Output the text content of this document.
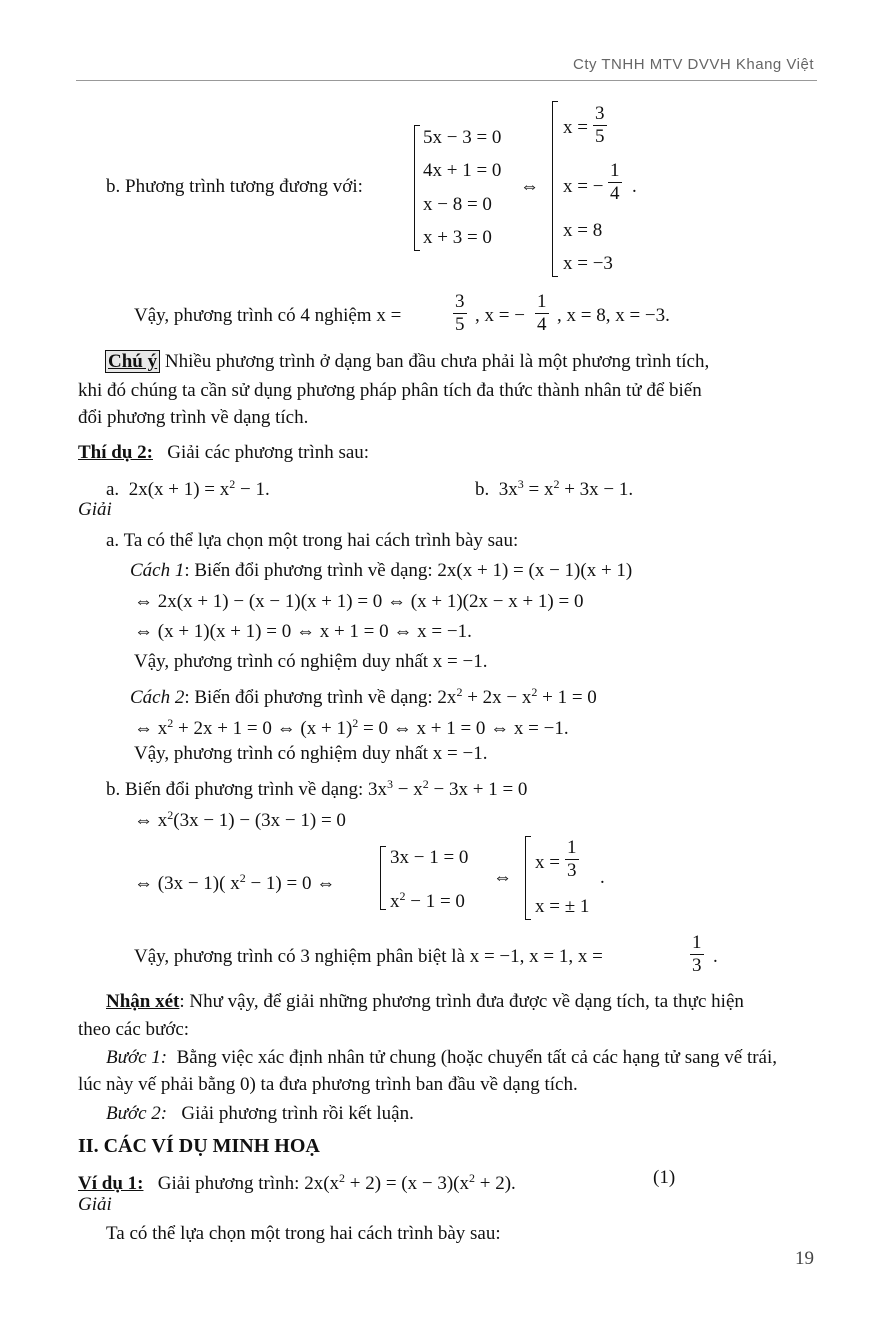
Cty TNHH MTV DVVH Khang Việt
b. Phương trình tương đương với:
5x − 3 = 0
4x + 1 = 0
x − 8 = 0
x + 3 = 0
⇔
$x = \frac{3}{5}$
x = − $\frac{1}{4}$ .
x = 8
x = −3
Vậy, phương trình có 4 nghiệm x =	$\frac{3}{5}$ , x = − $\frac{1}{4}$ , x = 8, x = −3.
Chú ý Nhiều phương trình ở dạng ban đầu chưa phải là một phương trình tích,
khi đó chúng ta cần sử dụng phương pháp phân tích đa thức thành nhân tử để biến
đổi phương trình về dạng tích.
Thí dụ 2: Giải các phương trình sau:
a. $2x(x + 1) = x^2 - 1$.	b. $3x^3 = x^2 + 3x - 1$.
Giải
a. Ta có thể lựa chọn một trong hai cách trình bày sau:
Cách 1: Biến đổi phương trình về dạng: 2x(x + 1) = (x − 1)(x + 1)
⇔ 2x(x + 1) − (x − 1)(x + 1) = 0 ⇔ (x + 1)(2x − x + 1) = 0
⇔ (x + 1)(x + 1) = 0 ⇔ x + 1 = 0 ⇔ x = −1.
Vậy, phương trình có nghiệm duy nhất x = −1.
Cách 2: Biến đổi phương trình về dạng: $2x^2 + 2x - x^2 + 1 = 0$
⇔ $x^2 + 2x + 1 = 0$ ⇔ $(x + 1)^2 = 0$ ⇔ x + 1 = 0 ⇔ x = −1.
Vậy, phương trình có nghiệm duy nhất x = −1.
b. Biến đổi phương trình về dạng: $3x^3 - x^2 - 3x + 1 = 0$
⇔ $x^2(3x - 1) - (3x - 1) = 0$
⇔ (3x − 1)( $x^2 - 1) = 0$ ⇔
3x − 1 = 0
$x^2 - 1 = 0$
⇔
$x = \frac{1}{3}$ .
x = ± 1
Vậy, phương trình có 3 nghiệm phân biệt là x = −1, x = 1, x =	$\frac{1}{3}$ .
Nhận xét: Như vậy, để giải những phương trình đưa được về dạng tích, ta thực hiện
theo các bước:
Bước 1: Bằng việc xác định nhân tử chung (hoặc chuyển tất cả các hạng tử sang vế trái,
lúc này vế phải bằng 0) ta đưa phương trình ban đầu về dạng tích.
Bước 2: Giải phương trình rồi kết luận.
II. CÁC VÍ DỤ MINH HOẠ
Ví dụ 1: Giải phương trình: $2x(x^2 + 2) = (x - 3)(x^2 + 2)$.	(1)
Giải
Ta có thể lựa chọn một trong hai cách trình bày sau:
19
